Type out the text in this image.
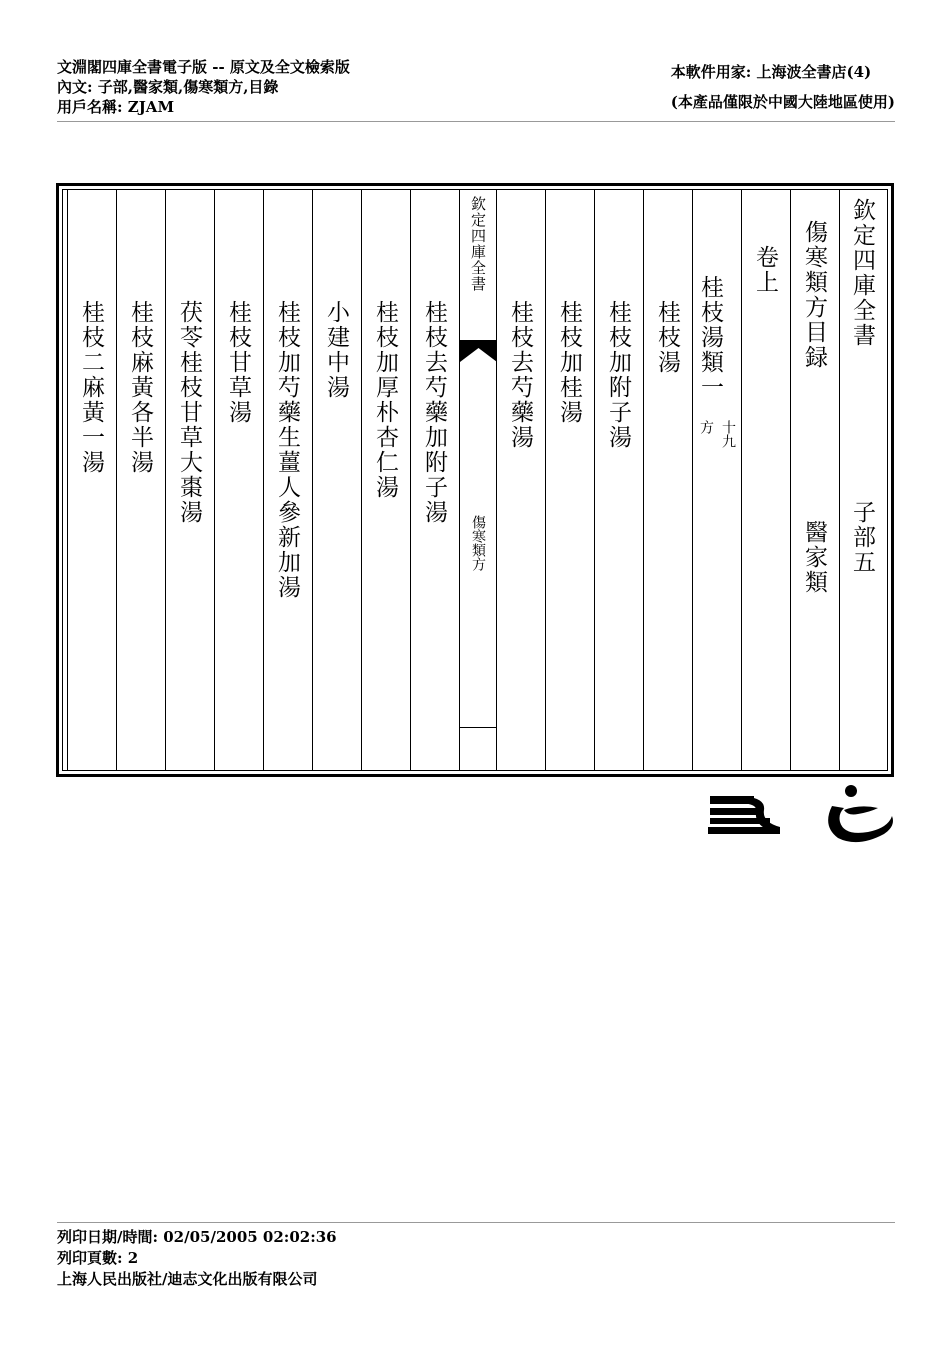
文淵閣四庫全書電子版 -- 原文及全文檢索版
內文: 子部,醫家類,傷寒類方,目錄
用戶名稱: ZJAM
本軟件用家: 上海波全書店(4)
(本產品僅限於中國大陸地區使用)
欽定四庫全書
子部五
傷寒類方目録
醫家類
卷上
桂枝湯類一
方 十九
桂枝湯
桂枝加附子湯
桂枝加桂湯
桂枝去芍藥湯
欽定四庫全書
傷寒類方
桂枝去芍藥加附子湯
桂枝加厚朴杏仁湯
小建中湯
桂枝加芍藥生薑人參新加湯
桂枝甘草湯
茯苓桂枝甘草大棗湯
桂枝麻黃各半湯
桂枝二麻黃一湯
列印日期/時間: 02/05/2005 02:02:36
列印頁數: 2
上海人民出版社/迪志文化出版有限公司
